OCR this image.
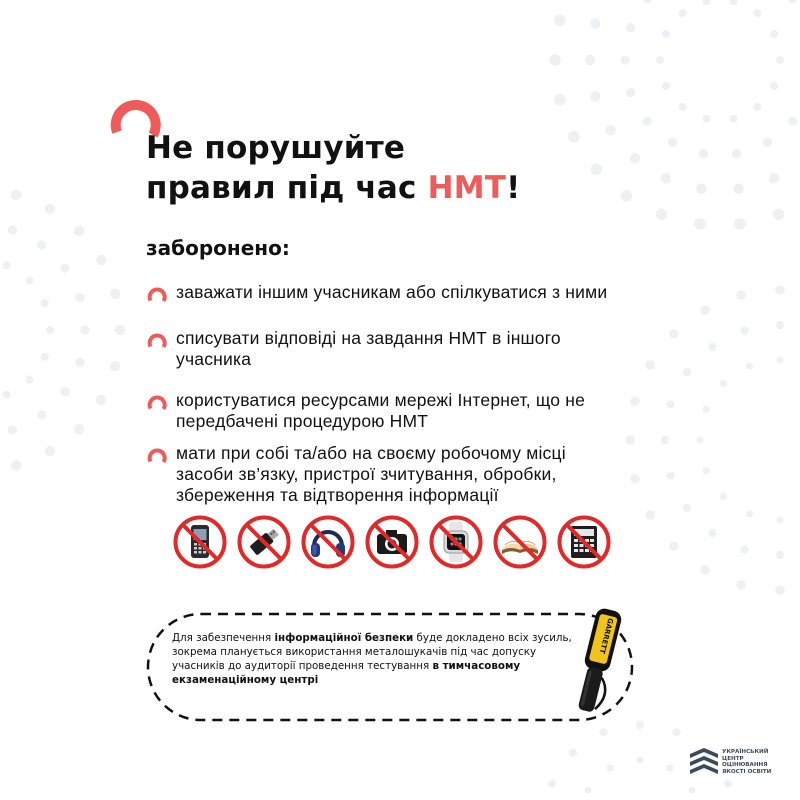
Не порушуйте
правил під час НМТ!
заборонено:
заважати іншим учасникам або спілкуватися з ними
списувати відповіді на завдання НМТ в іншого учасника
користуватися ресурсами мережі Інтернет, що не передбачені процедурою НМТ
мати при собі та/або на своєму робочому місці засоби зв’язку, пристрої зчитування, обробки, збереження та відтворення інформації
Для забезпечення інформаційної безпеки буде докладено всіх зусиль, зокрема планується використання металошукачів під час допуску учасників до аудиторії проведення тестування в тимчасовому екзаменаційному центрі
GARRETT
УКРАЇНСЬКИЙ ЦЕНТР ОЦІНЮВАННЯ ЯКОСТІ ОСВІТИ
